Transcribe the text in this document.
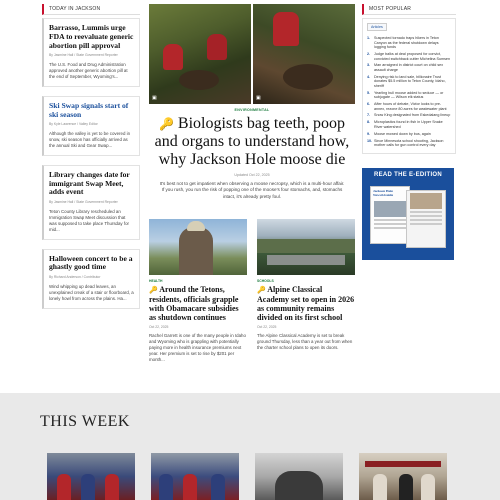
TODAY IN JACKSON
Barrasso, Lummis urge FDA to reevaluate generic abortion pill approval
By Jasmine Hall / State Government Reporter

The U.S. Food and Drug Administration approved another generic abortion pill at the end of September, Wyoming's...

Ski Swap signals start of ski season
By Kyle Lawrence / Valley Editor

Although the valley is yet to be covered in snow, ski season has officially arrived as the annual Ski and Gear Swap...

Library changes date for immigrant Swap Meet, adds event
By Jasmine Hall / State Government Reporter

Teton County Library rescheduled an Immigration Swap Meet discussion that was supposed to take place Thursday for mid...

Halloween concert to be a ghastly good time
By Richard Anderson / Contributor

Wind whipping up dead leaves, an unexplained creak of a stair or floorboard, a lonely howl from across the plains. Ha...

▣	▣
ENVIRONMENTAL
🔑 Biologists bag teeth, poop and organs to understand how, why Jackson Hole moose die
Updated Oct 22, 2025
It's best not to get impatient when observing a moose necropsy, which is a multi-hour affair. If you rush, you run the risk of popping one of the moose's four stomachs, and, stomachs intact, it's already pretty foul.
HEALTH
🔑 Around the Tetons, residents, officials grapple with Obamacare subsidies as shutdown continues
Oct 22, 2025

Rachel Garrett is one of the many people in Idaho and Wyoming who is grappling with potentially paying more in health insurance premiums next year. Her premium is set to rise by $201 per month...

SCHOOLS
🔑 Alpine Classical Academy set to open in 2026 as community remains divided on its first school
Oct 22, 2025

The Alpine Classical Academy is set to break ground Thursday, less than a year out from when the charter school plans to open its doors.

MOST POPULAR
Articles
1.	Suspected tornado traps hikers in Teton Canyon as the federal shutdown delays logging funds
2.	Judge balks at deal proposed for convict, convicted switchback cutter Michelina Sumsen
3.	Man arraigned in district court on child sex assault charge
4.	Denying risk to land sale, billionaire Trust donates $5.5 million to Teton County, Idaho, sheriff
5.	Yearling bull moose added to seduce — or subjugate — Wilson elk status
6.	After hours of debate, Victor looks to pre-annex, rezone 80 acres for wastewater plant
7.	Snow King designated from Eskedalang lineup
8.	Microplastics found in fish in Upper Snake River watershed
9.	Moose mowed down by bus, again
10. Since Minnesota school shooting, Jackson mother calls for gun control every day
READ THE E-EDITION
Jackson Hole News&Guide
THIS WEEK
